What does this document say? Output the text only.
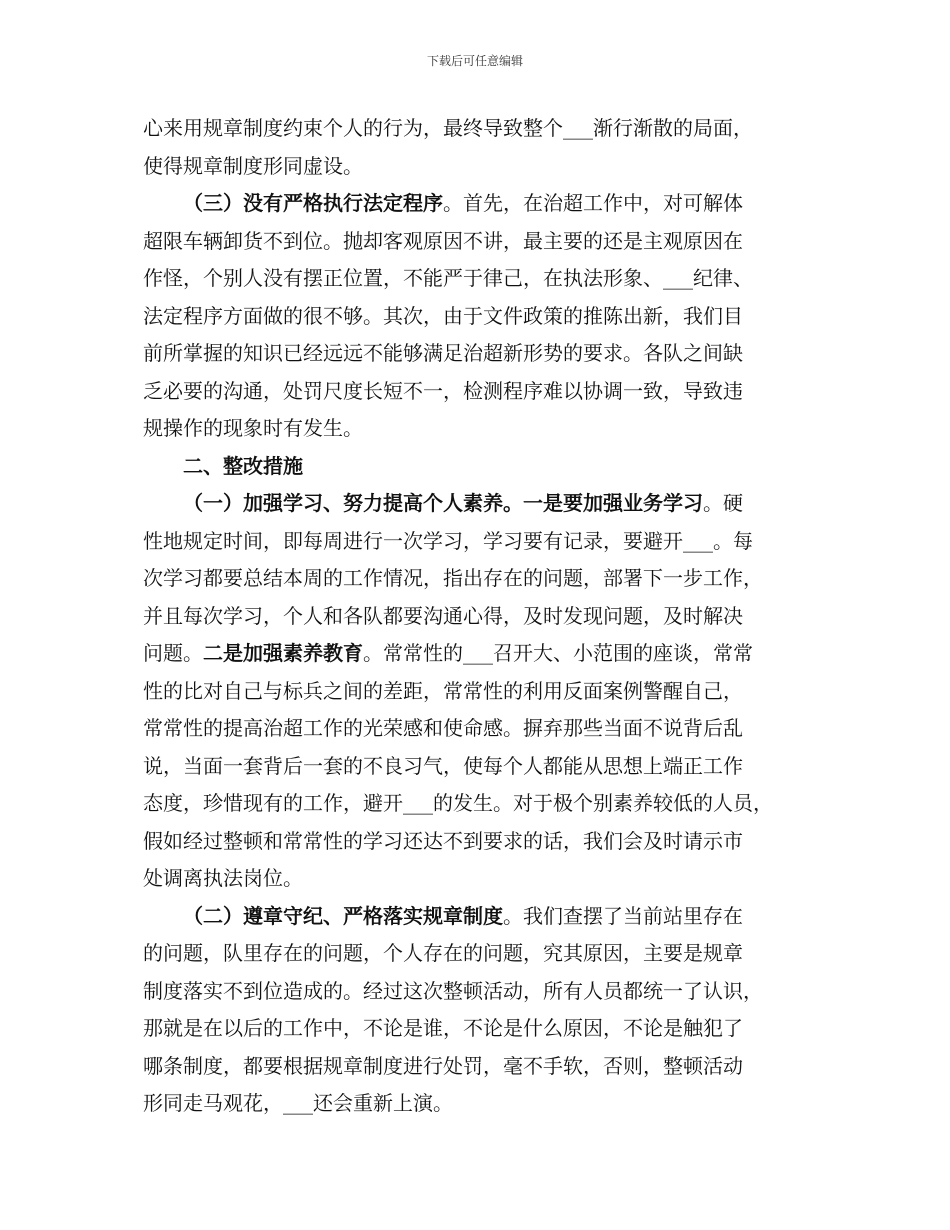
下载后可任意编辑
心来用规章制度约束个人的行为，最终导致整个___渐行渐散的局面，
使得规章制度形同虚设。
（三）没有严格执行法定程序。首先，在治超工作中，对可解体
超限车辆卸货不到位。抛却客观原因不讲，最主要的还是主观原因在
作怪，个别人没有摆正位置，不能严于律己，在执法形象、___纪律、
法定程序方面做的很不够。其次，由于文件政策的推陈出新，我们目
前所掌握的知识已经远远不能够满足治超新形势的要求。各队之间缺
乏必要的沟通，处罚尺度长短不一，检测程序难以协调一致，导致违
规操作的现象时有发生。
二、整改措施
（一）加强学习、努力提高个人素养。一是要加强业务学习。硬
性地规定时间，即每周进行一次学习，学习要有记录，要避开___。每
次学习都要总结本周的工作情况，指出存在的问题，部署下一步工作，
并且每次学习，个人和各队都要沟通心得，及时发现问题，及时解决
问题。二是加强素养教育。常常性的___召开大、小范围的座谈，常常
性的比对自己与标兵之间的差距，常常性的利用反面案例警醒自己，
常常性的提高治超工作的光荣感和使命感。摒弃那些当面不说背后乱
说，当面一套背后一套的不良习气，使每个人都能从思想上端正工作
态度，珍惜现有的工作，避开___的发生。对于极个别素养较低的人员，
假如经过整顿和常常性的学习还达不到要求的话，我们会及时请示市
处调离执法岗位。
（二）遵章守纪、严格落实规章制度。我们查摆了当前站里存在
的问题，队里存在的问题，个人存在的问题，究其原因，主要是规章
制度落实不到位造成的。经过这次整顿活动，所有人员都统一了认识，
那就是在以后的工作中，不论是谁，不论是什么原因，不论是触犯了
哪条制度，都要根据规章制度进行处罚，毫不手软，否则，整顿活动
形同走马观花，___还会重新上演。
